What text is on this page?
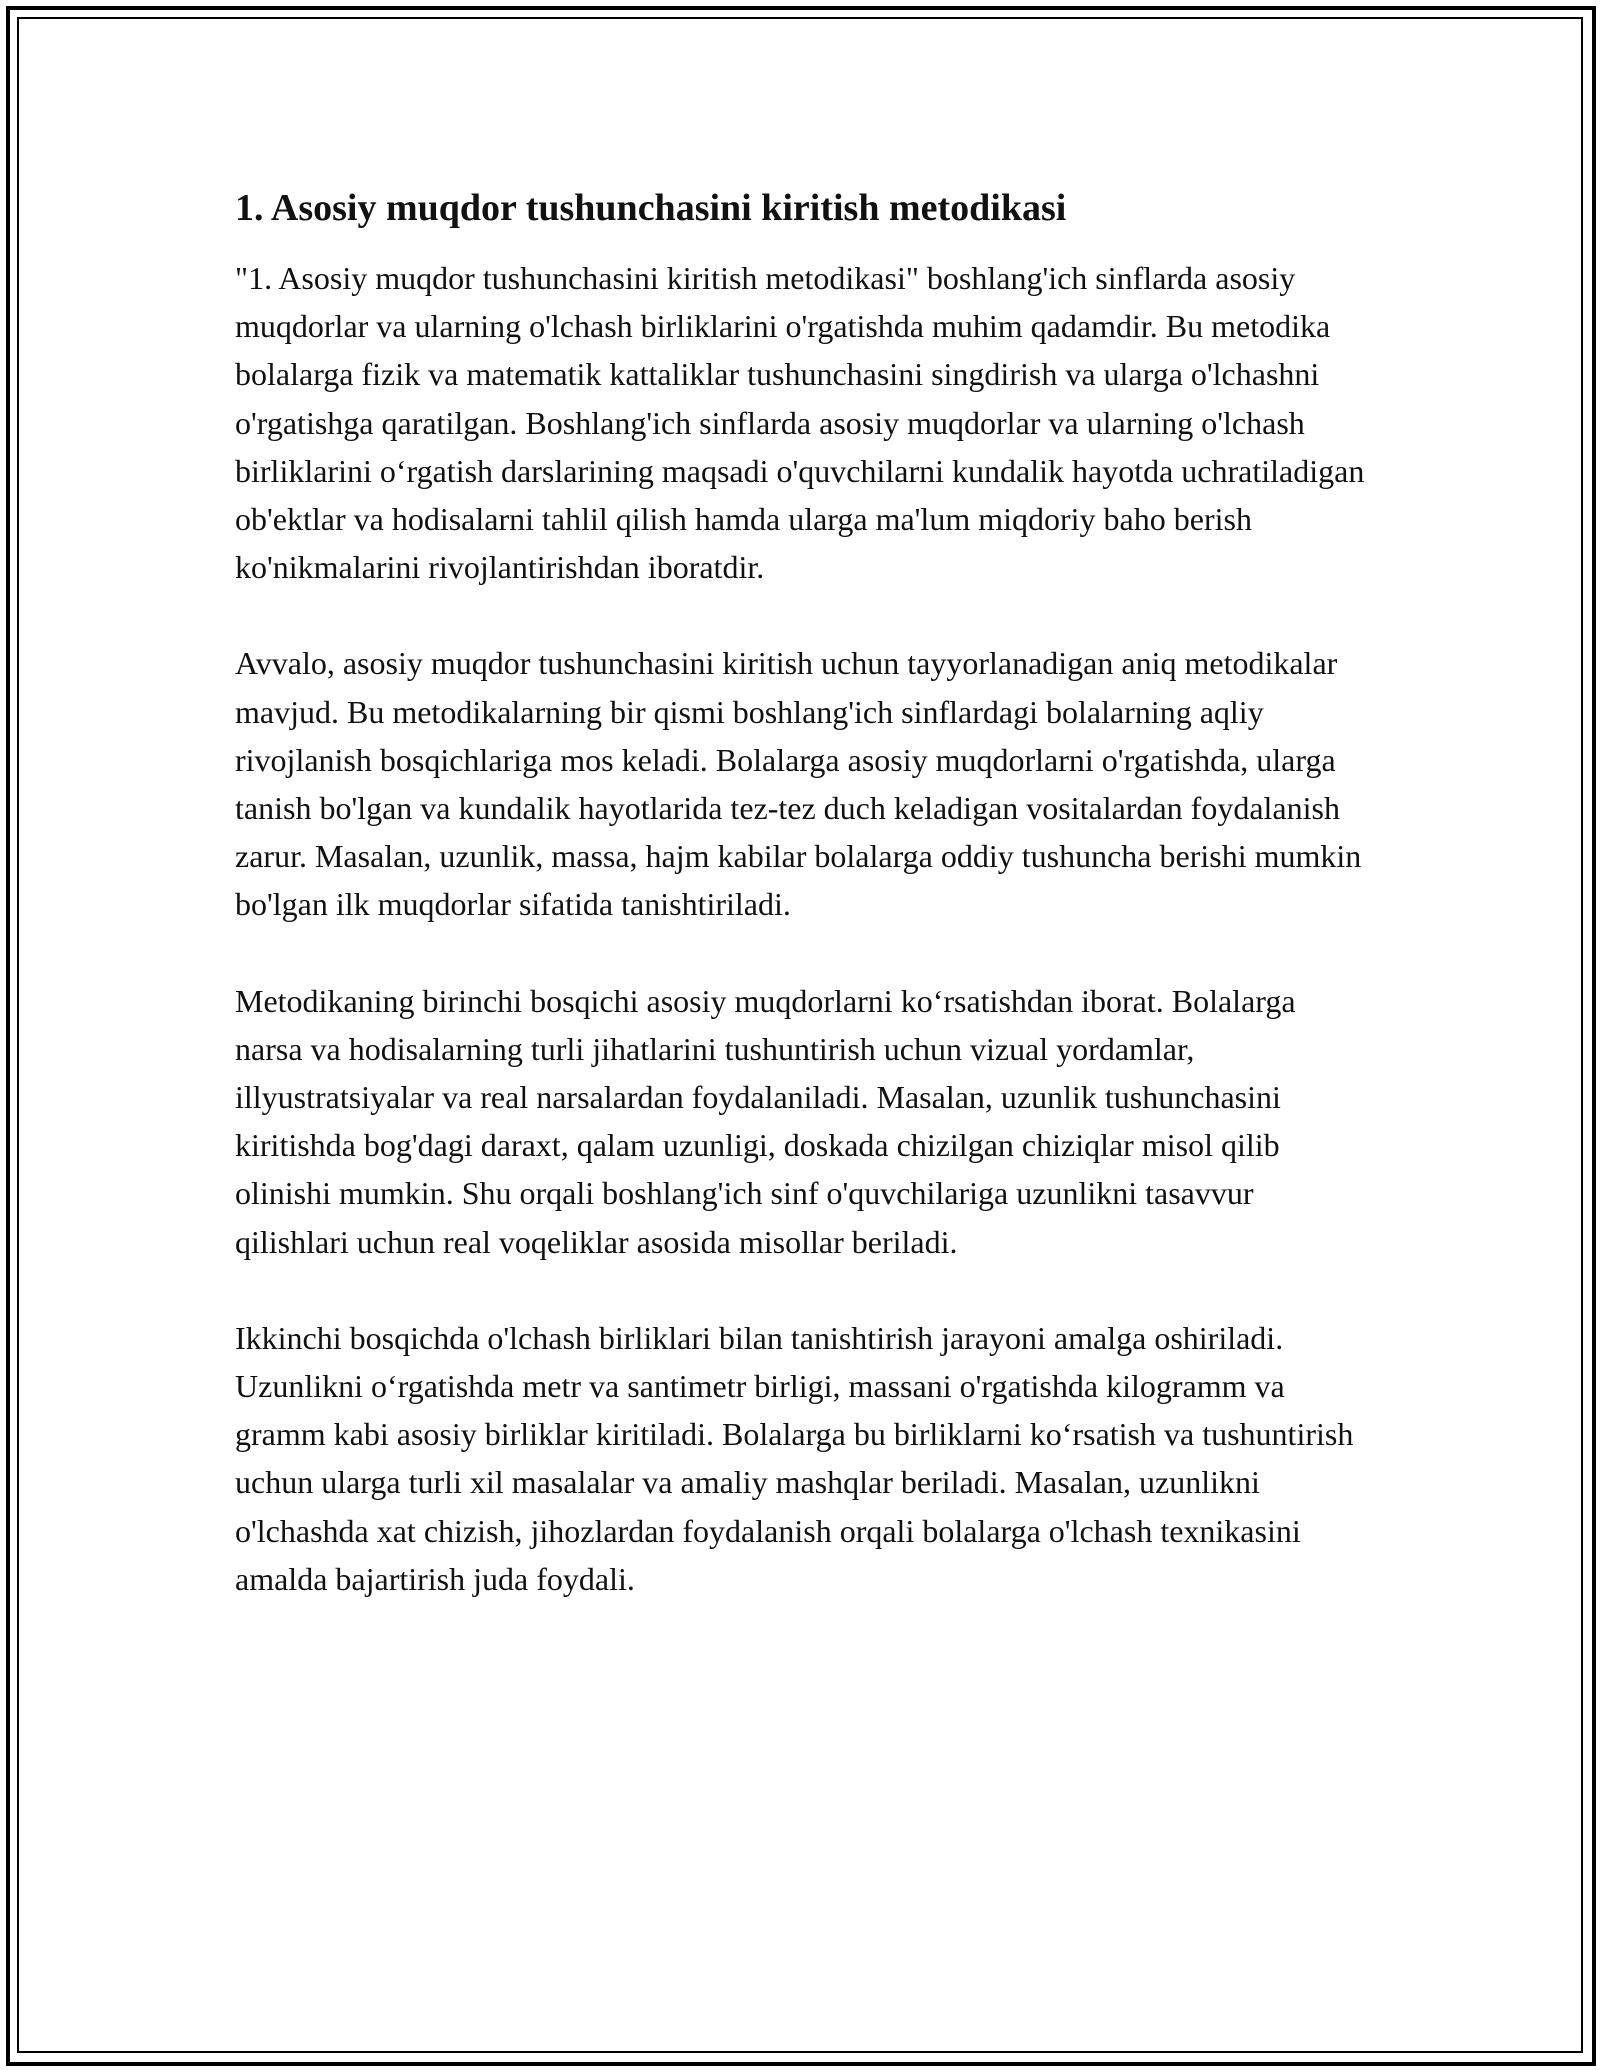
1. Asosiy muqdor tushunchasini kiritish metodikasi

"1. Asosiy muqdor tushunchasini kiritish metodikasi" boshlang'ich sinflarda asosiy muqdorlar va ularning o'lchash birliklarini o'rgatishda muhim qadamdir. Bu metodika bolalarga fizik va matematik kattaliklar tushunchasini singdirish va ularga o'lchashni o'rgatishga qaratilgan. Boshlang'ich sinflarda asosiy muqdorlar va ularning o'lchash birliklarini o‘rgatish darslarining maqsadi o'quvchilarni kundalik hayotda uchratiladigan ob'ektlar va hodisalarni tahlil qilish hamda ularga ma'lum miqdoriy baho berish ko'nikmalarini rivojlantirishdan iboratdir.

Avvalo, asosiy muqdor tushunchasini kiritish uchun tayyorlanadigan aniq metodikalar mavjud. Bu metodikalarning bir qismi boshlang'ich sinflardagi bolalarning aqliy rivojlanish bosqichlariga mos keladi. Bolalarga asosiy muqdorlarni o'rgatishda, ularga tanish bo'lgan va kundalik hayotlarida tez-tez duch keladigan vositalardan foydalanish zarur. Masalan, uzunlik, massa, hajm kabilar bolalarga oddiy tushuncha berishi mumkin bo'lgan ilk muqdorlar sifatida tanishtiriladi.

Metodikaning birinchi bosqichi asosiy muqdorlarni ko‘rsatishdan iborat. Bolalarga narsa va hodisalarning turli jihatlarini tushuntirish uchun vizual yordamlar, illyustratsiyalar va real narsalardan foydalaniladi. Masalan, uzunlik tushunchasini kiritishda bog'dagi daraxt, qalam uzunligi, doskada chizilgan chiziqlar misol qilib olinishi mumkin. Shu orqali boshlang'ich sinf o'quvchilariga uzunlikni tasavvur qilishlari uchun real voqeliklar asosida misollar beriladi.

Ikkinchi bosqichda o'lchash birliklari bilan tanishtirish jarayoni amalga oshiriladi. Uzunlikni o‘rgatishda metr va santimetr birligi, massani o'rgatishda kilogramm va gramm kabi asosiy birliklar kiritiladi. Bolalarga bu birliklarni ko‘rsatish va tushuntirish uchun ularga turli xil masalalar va amaliy mashqlar beriladi. Masalan, uzunlikni o'lchashda xat chizish, jihozlardan foydalanish orqali bolalarga o'lchash texnikasini amalda bajartirish juda foydali.
